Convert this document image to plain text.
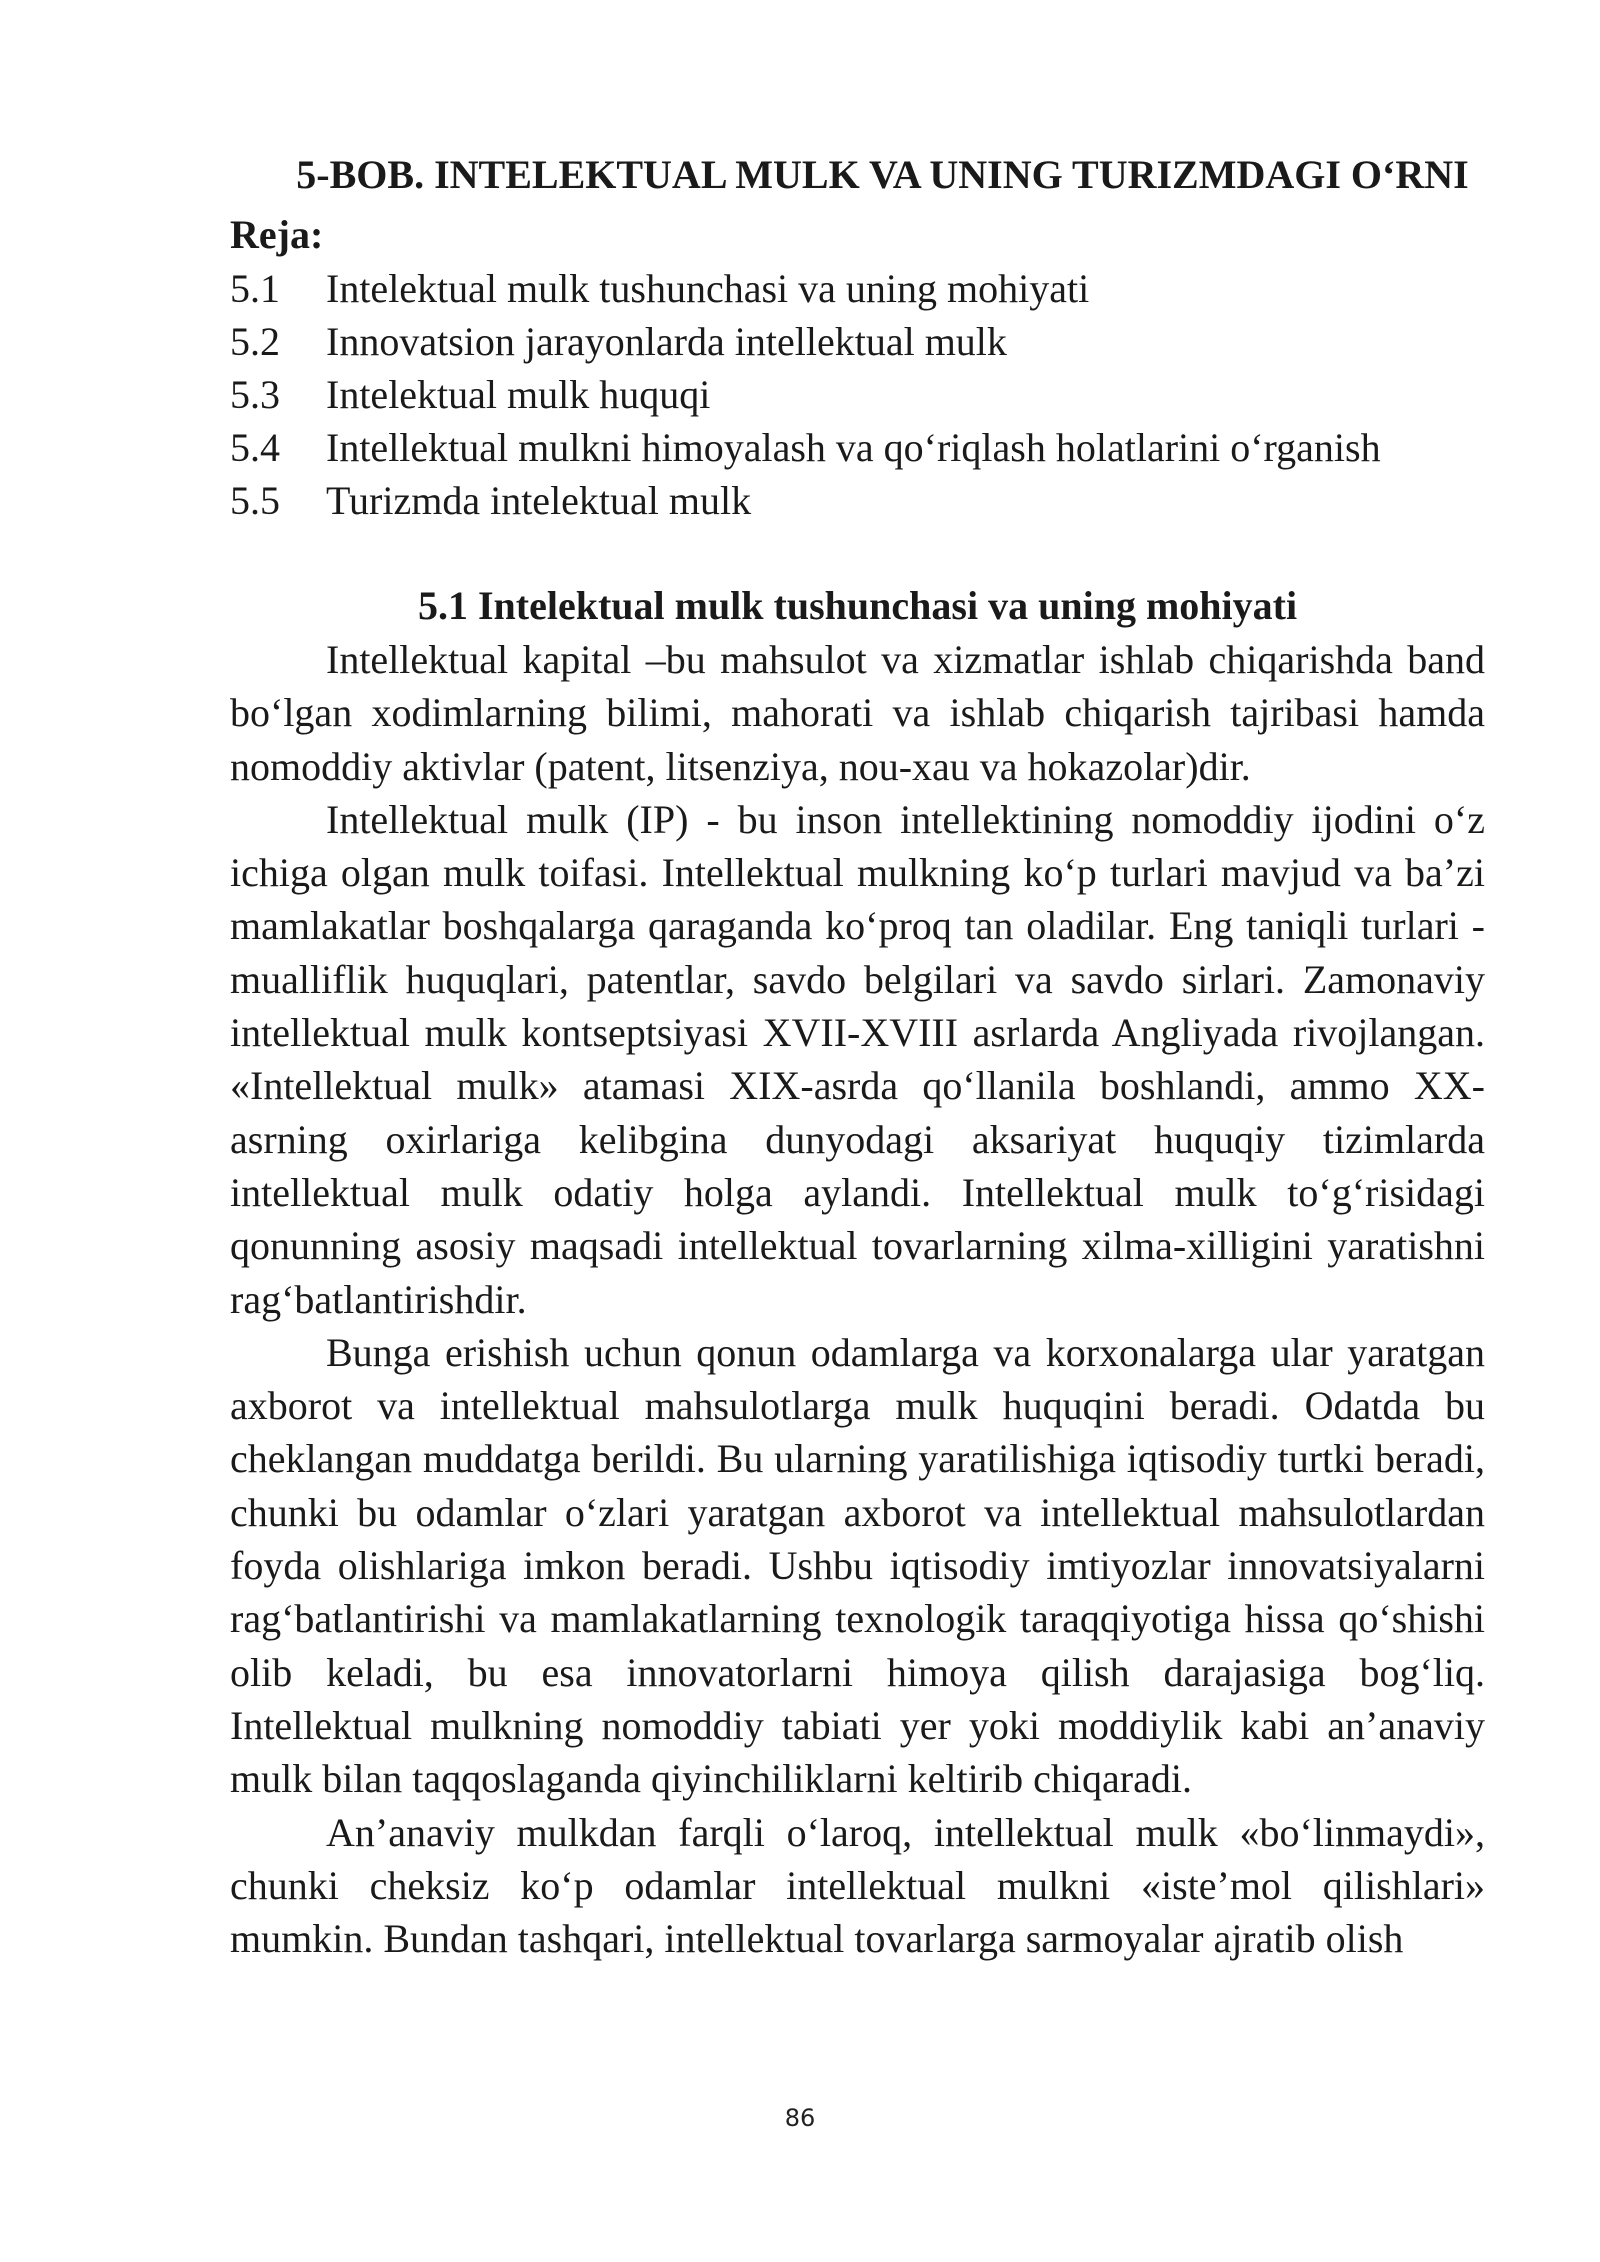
5-BOB. INTELEKTUAL MULK VA UNING TURIZMDAGI O‘RNI

Reja:

5.1	Intelektual mulk tushunchasi va uning mohiyati
5.2	Innovatsion jarayonlarda intellektual mulk
5.3	Intelektual mulk huquqi
5.4	Intellektual mulkni himoyalash va qo‘riqlash holatlarini o‘rganish
5.5	Turizmda intelektual mulk
5.1 Intelektual mulk tushunchasi va uning mohiyati

Intellektual kapital –bu mahsulot va xizmatlar ishlab chiqarishda band bo‘lgan xodimlarning bilimi, mahorati va ishlab chiqarish tajribasi hamda nomoddiy aktivlar (patent, litsenziya, nou-xau va hokazolar)dir.

Intellektual mulk (IP) - bu inson intellektining nomoddiy ijodini o‘z ichiga olgan mulk toifasi. Intellektual mulkning ko‘p turlari mavjud va ba’zi mamlakatlar boshqalarga qaraganda ko‘proq tan oladilar. Eng taniqli turlari - mualliflik huquqlari, patentlar, savdo belgilari va savdo sirlari. Zamonaviy intellektual mulk kontseptsiyasi XVII-XVIII asrlarda Angliyada rivojlangan. «Intellektual mulk» atamasi XIX-asrda qo‘llanila boshlandi, ammo XX-asrning oxirlariga kelibgina dunyodagi aksariyat huquqiy tizimlarda intellektual mulk odatiy holga aylandi. Intellektual mulk to‘g‘risidagi qonunning asosiy maqsadi intellektual tovarlarning xilma-xilligini yaratishni rag‘batlantirishdir.

Bunga erishish uchun qonun odamlarga va korxonalarga ular yaratgan axborot va intellektual mahsulotlarga mulk huquqini beradi. Odatda bu cheklangan muddatga berildi. Bu ularning yaratilishiga iqtisodiy turtki beradi, chunki bu odamlar o‘zlari yaratgan axborot va intellektual mahsulotlardan foyda olishlariga imkon beradi. Ushbu iqtisodiy imtiyozlar innovatsiyalarni rag‘batlantirishi va mamlakatlarning texnologik taraqqiyotiga hissa qo‘shishi olib keladi, bu esa innovatorlarni himoya qilish darajasiga bog‘liq. Intellektual mulkning nomoddiy tabiati yer yoki moddiylik kabi an’anaviy mulk bilan taqqoslaganda qiyinchiliklarni keltirib chiqaradi.

An’anaviy mulkdan farqli o‘laroq, intellektual mulk «bo‘linmaydi», chunki cheksiz ko‘p odamlar intellektual mulkni «iste’mol qilishlari» mumkin. Bundan tashqari, intellektual tovarlarga sarmoyalar ajratib olish

86
